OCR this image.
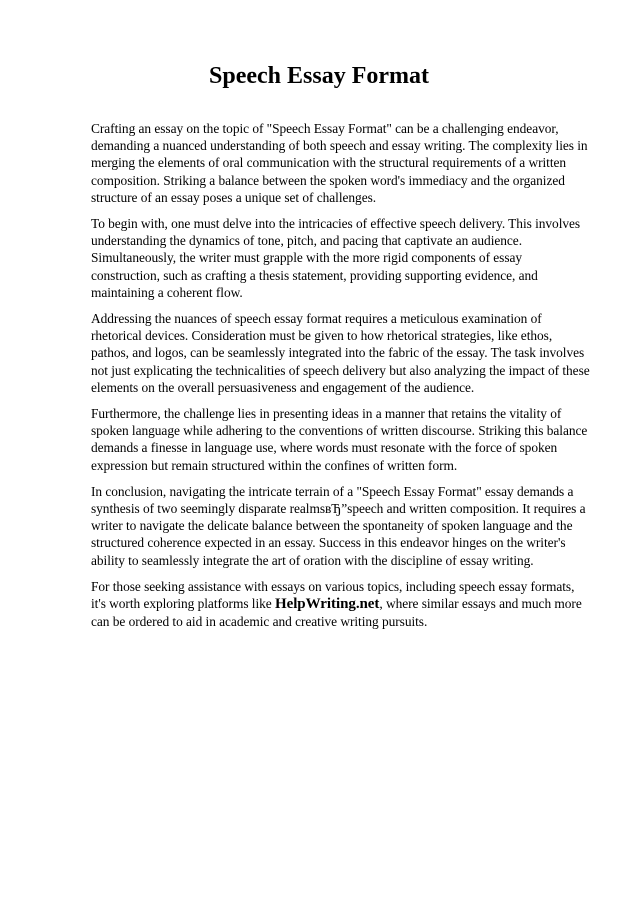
Speech Essay Format

Crafting an essay on the topic of "Speech Essay Format" can be a challenging endeavor, demanding a nuanced understanding of both speech and essay writing. The complexity lies in merging the elements of oral communication with the structural requirements of a written composition. Striking a balance between the spoken word's immediacy and the organized structure of an essay poses a unique set of challenges.

To begin with, one must delve into the intricacies of effective speech delivery. This involves understanding the dynamics of tone, pitch, and pacing that captivate an audience. Simultaneously, the writer must grapple with the more rigid components of essay construction, such as crafting a thesis statement, providing supporting evidence, and maintaining a coherent flow.

Addressing the nuances of speech essay format requires a meticulous examination of rhetorical devices. Consideration must be given to how rhetorical strategies, like ethos, pathos, and logos, can be seamlessly integrated into the fabric of the essay. The task involves not just explicating the technicalities of speech delivery but also analyzing the impact of these elements on the overall persuasiveness and engagement of the audience.

Furthermore, the challenge lies in presenting ideas in a manner that retains the vitality of spoken language while adhering to the conventions of written discourse. Striking this balance demands a finesse in language use, where words must resonate with the force of spoken expression but remain structured within the confines of written form.

In conclusion, navigating the intricate terrain of a "Speech Essay Format" essay demands a synthesis of two seemingly disparate realmsвЂ”speech and written composition. It requires a writer to navigate the delicate balance between the spontaneity of spoken language and the structured coherence expected in an essay. Success in this endeavor hinges on the writer's ability to seamlessly integrate the art of oration with the discipline of essay writing.

For those seeking assistance with essays on various topics, including speech essay formats, it's worth exploring platforms like HelpWriting.net, where similar essays and much more can be ordered to aid in academic and creative writing pursuits.
